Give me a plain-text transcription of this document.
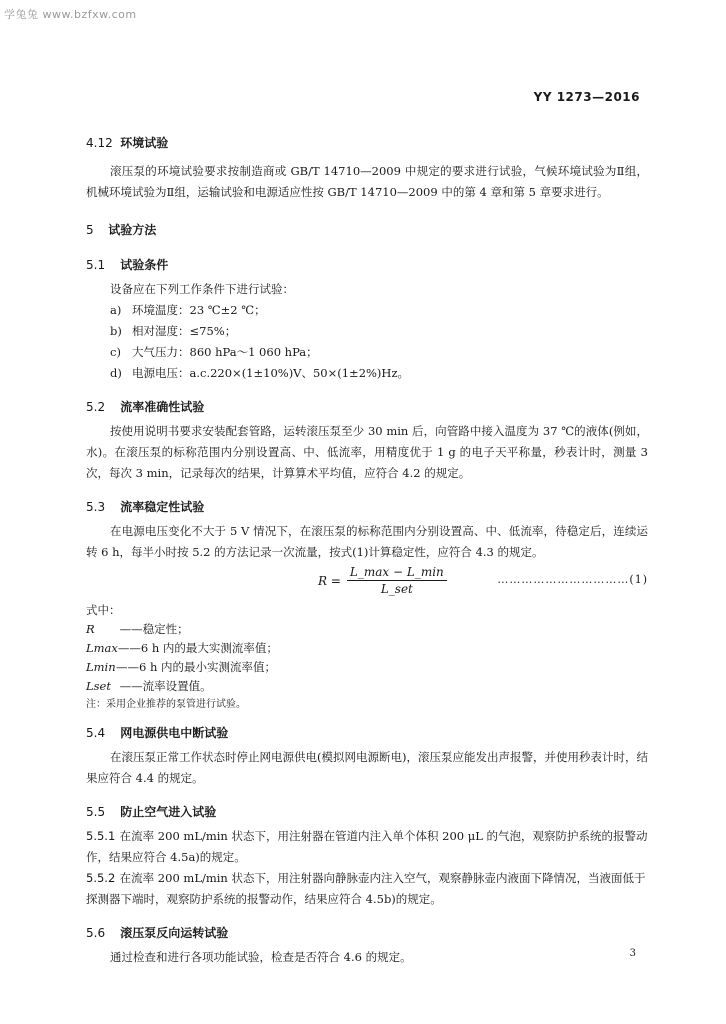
学兔兔 www.bzfxw.com
YY 1273—2016
4.12 环境试验

滚压泵的环境试验要求按制造商或 GB/T 14710—2009 中规定的要求进行试验，气候环境试验为Ⅱ组，机械环境试验为Ⅱ组，运输试验和电源适应性按 GB/T 14710—2009 中的第 4 章和第 5 章要求进行。

5 试验方法
5.1 试验条件

设备应在下列工作条件下进行试验：

a) 环境温度：23 ℃±2 ℃；

b) 相对湿度：≤75%；

c) 大气压力：860 hPa～1 060 hPa；

d) 电源电压：a.c.220×(1±10%)V、50×(1±2%)Hz。

5.2 流率准确性试验

按使用说明书要求安装配套管路，运转滚压泵至少 30 min 后，向管路中接入温度为 37 ℃的液体(例如，水)。在滚压泵的标称范围内分别设置高、中、低流率，用精度优于 1 g 的电子天平称量，秒表计时，测量 3 次，每次 3 min，记录每次的结果，计算算术平均值，应符合 4.2 的规定。

5.3 流率稳定性试验

在电源电压变化不大于 5 V 情况下，在滚压泵的标称范围内分别设置高、中、低流率，待稳定后，连续运转 6 h，每半小时按 5.2 的方法记录一次流量，按式(1)计算稳定性，应符合 4.3 的规定。

$R = \frac{L\_\max - L\_\min}{\text{L\_set}}$	……………………………(1)
式中：
R ——稳定性；
Lmax——6 h 内的最大实测流率值；
Lmin——6 h 内的最小实测流率值；
Lset ——流率设置值。
注：采用企业推荐的泵管进行试验。
5.4 网电源供电中断试验

在滚压泵正常工作状态时停止网电源供电(模拟网电源断电)，滚压泵应能发出声报警，并使用秒表计时，结果应符合 4.4 的规定。

5.5 防止空气进入试验

5.5.1 在流率 200 mL/min 状态下，用注射器在管道内注入单个体积 200 μL 的气泡，观察防护系统的报警动作，结果应符合 4.5a)的规定。

5.5.2 在流率 200 mL/min 状态下，用注射器向静脉壶内注入空气，观察静脉壶内液面下降情况，当液面低于探测器下端时，观察防护系统的报警动作，结果应符合 4.5b)的规定。

5.6 滚压泵反向运转试验

通过检查和进行各项功能试验，检查是否符合 4.6 的规定。	3
